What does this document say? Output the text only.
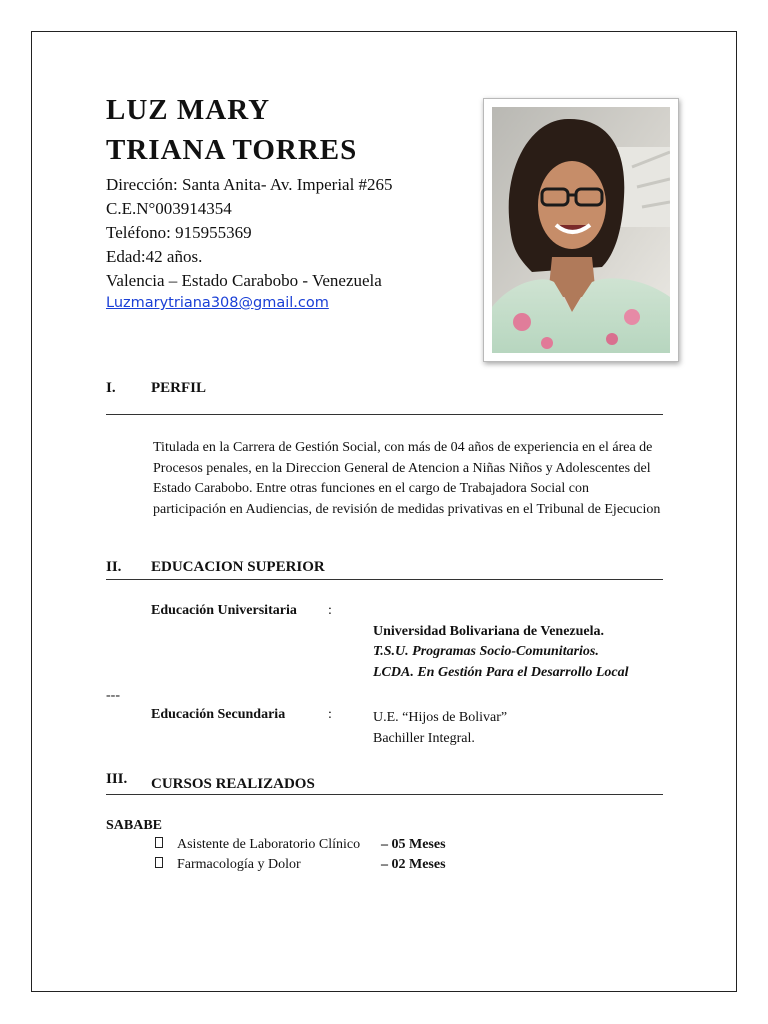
LUZ MARY
TRIANA TORRES
Dirección: Santa Anita- Av. Imperial #265
C.E.N°003914354
Teléfono: 915955369
Edad:42 años.
Valencia – Estado Carabobo - Venezuela
Luzmarytriana308@gmail.com
I. PERFIL
Titulada en la Carrera de Gestión Social, con más de 04 años de experiencia en el área de Procesos penales, en la Direccion General de Atencion a Niñas Niños y Adolescentes del Estado Carabobo. Entre otras funciones en el cargo de Trabajadora Social con participación en Audiencias, de revisión de medidas privativas en el Tribunal de Ejecucion
II. EDUCACION SUPERIOR
Educación Universitaria :
Universidad Bolivariana de Venezuela.
T.S.U. Programas Socio-Comunitarios.
LCDA. En Gestión Para el Desarrollo Local
---
Educación Secundaria	:	U.E. “Hijos de Bolivar”
Bachiller Integral.
III. CURSOS REALIZADOS
SABABE
Asistente de Laboratorio Clínico – 05 Meses
Farmacología y Dolor	– 02 Meses
